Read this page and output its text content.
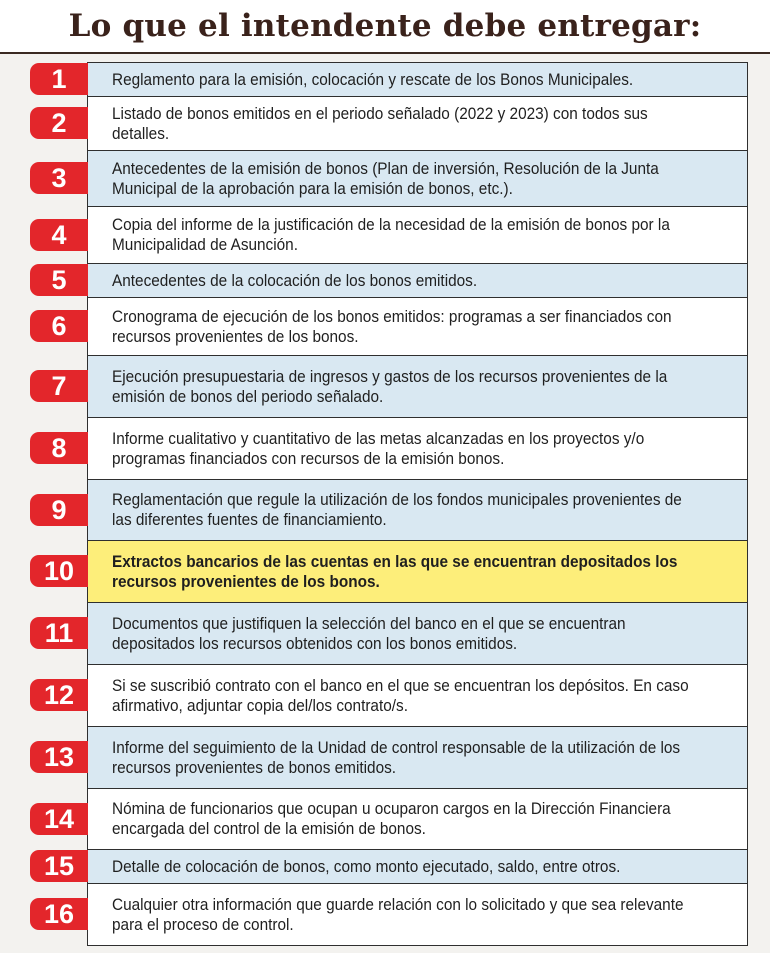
Lo que el intendente debe entregar:
Reglamento para la emisión, colocación y rescate de los Bonos Municipales.
1
Listado de bonos emitidos en el periodo señalado (2022 y 2023) con todos sus detalles.
2
Antecedentes de la emisión de bonos (Plan de inversión, Resolución de la Junta Municipal de la aprobación para la emisión de bonos, etc.).
3
Copia del informe de la justificación de la necesidad de la emisión de bonos por la Municipalidad de Asunción.
4
Antecedentes de la colocación de los bonos emitidos.
5
Cronograma de ejecución de los bonos emitidos: programas a ser financiados con recursos provenientes de los bonos.
6
Ejecución presupuestaria de ingresos y gastos de los recursos provenientes de la emisión de bonos del periodo señalado.
7
Informe cualitativo y cuantitativo de las metas alcanzadas en los proyectos y/o programas financiados con recursos de la emisión bonos.
8
Reglamentación que regule la utilización de los fondos municipales provenientes de las diferentes fuentes de financiamiento.
9
Extractos bancarios de las cuentas en las que se encuentran depositados los recursos provenientes de los bonos.
10
Documentos que justifiquen la selección del banco en el que se encuentran depositados los recursos obtenidos con los bonos emitidos.
11
Si se suscribió contrato con el banco en el que se encuentran los depósitos. En caso afirmativo, adjuntar copia del/los contrato/s.
12
Informe del seguimiento de la Unidad de control responsable de la utilización de los recursos provenientes de bonos emitidos.
13
Nómina de funcionarios que ocupan u ocuparon cargos en la Dirección Financiera encargada del control de la emisión de bonos.
14
Detalle de colocación de bonos, como monto ejecutado, saldo, entre otros.
15
Cualquier otra información que guarde relación con lo solicitado y que sea relevante para el proceso de control.
16
